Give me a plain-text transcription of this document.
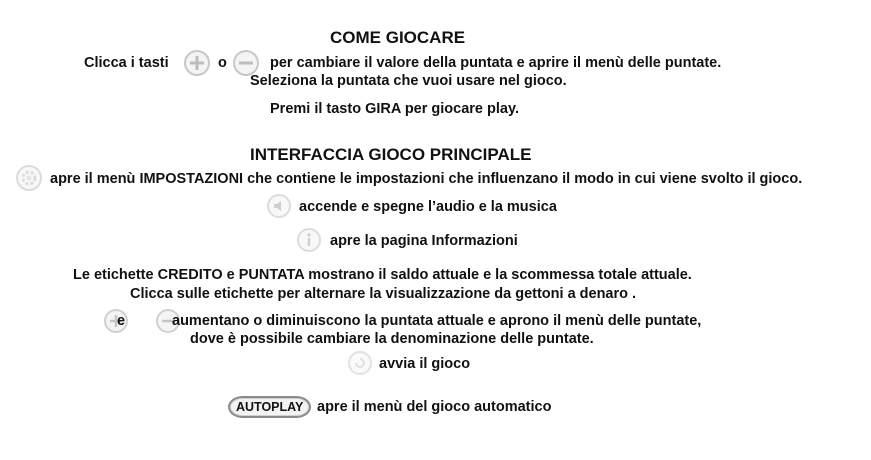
COME GIOCARE
Clicca i tasti	o	per cambiare il valore della puntata e aprire il menù delle puntate.
Seleziona la puntata che vuoi usare nel gioco.
Premi il tasto GIRA per giocare play.
INTERFACCIA GIOCO PRINCIPALE
apre il menù IMPOSTAZIONI che contiene le impostazioni che influenzano il modo in cui viene svolto il gioco.
accende e spegne l’audio e la musica
apre la pagina Informazioni
Le etichette CREDITO e PUNTATA mostrano il saldo attuale e la scommessa totale attuale.
Clicca sulle etichette per alternare la visualizzazione da gettoni a denaro .
e	aumentano o diminuiscono la puntata attuale e aprono il menù delle puntate,
dove è possibile cambiare la denominazione delle puntate.
avvia il gioco
AUTOPLAY apre il menù del gioco automatico
